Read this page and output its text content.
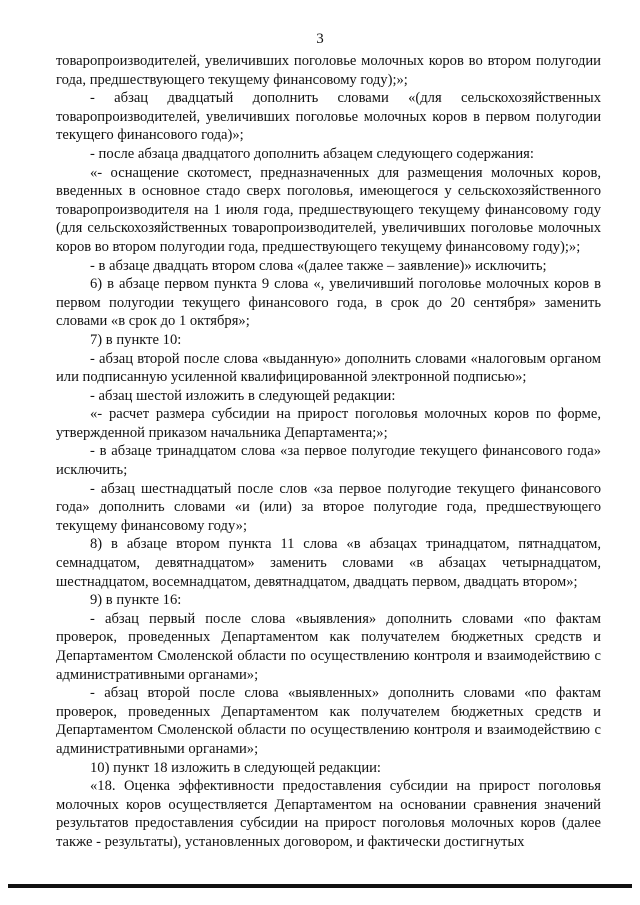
3

товаропроизводителей, увеличивших поголовье молочных коров во втором полугодии года, предшествующего текущему финансовому году);»;

- абзац двадцатый дополнить словами «(для сельскохозяйственных товаропроизводителей, увеличивших поголовье молочных коров в первом полугодии текущего финансового года)»;

- после абзаца двадцатого дополнить абзацем следующего содержания:

«- оснащение скотомест, предназначенных для размещения молочных коров, введенных в основное стадо сверх поголовья, имеющегося у сельскохозяйственного товаропроизводителя на 1 июля года, предшествующего текущему финансовому году (для сельскохозяйственных товаропроизводителей, увеличивших поголовье молочных коров во втором полугодии года, предшествующего текущему финансовому году);»;

- в абзаце двадцать втором слова «(далее также – заявление)» исключить;

6) в абзаце первом пункта 9 слова «, увеличивший поголовье молочных коров в первом полугодии текущего финансового года, в срок до 20 сентября» заменить словами «в срок до 1 октября»;

7) в пункте 10:

- абзац второй после слова «выданную» дополнить словами «налоговым органом или подписанную усиленной квалифицированной электронной подписью»;

- абзац шестой изложить в следующей редакции:

«- расчет размера субсидии на прирост поголовья молочных коров по форме, утвержденной приказом начальника Департамента;»;

- в абзаце тринадцатом слова «за первое полугодие текущего финансового года» исключить;

- абзац шестнадцатый после слов «за первое полугодие текущего финансового года» дополнить словами «и (или) за второе полугодие года, предшествующего текущему финансовому году»;

8) в абзаце втором пункта 11 слова «в абзацах тринадцатом, пятнадцатом, семнадцатом, девятнадцатом» заменить словами «в абзацах четырнадцатом, шестнадцатом, восемнадцатом, девятнадцатом, двадцать первом, двадцать втором»;

9) в пункте 16:

- абзац первый после слова «выявления» дополнить словами «по фактам проверок, проведенных Департаментом как получателем бюджетных средств и Департаментом Смоленской области по осуществлению контроля и взаимодействию с административными органами»;

- абзац второй после слова «выявленных» дополнить словами «по фактам проверок, проведенных Департаментом как получателем бюджетных средств и Департаментом Смоленской области по осуществлению контроля и взаимодействию с административными органами»;

10) пункт 18 изложить в следующей редакции:

«18. Оценка эффективности предоставления субсидии на прирост поголовья молочных коров осуществляется Департаментом на основании сравнения значений результатов предоставления субсидии на прирост поголовья молочных коров (далее также - результаты), установленных договором, и фактически достигнутых
